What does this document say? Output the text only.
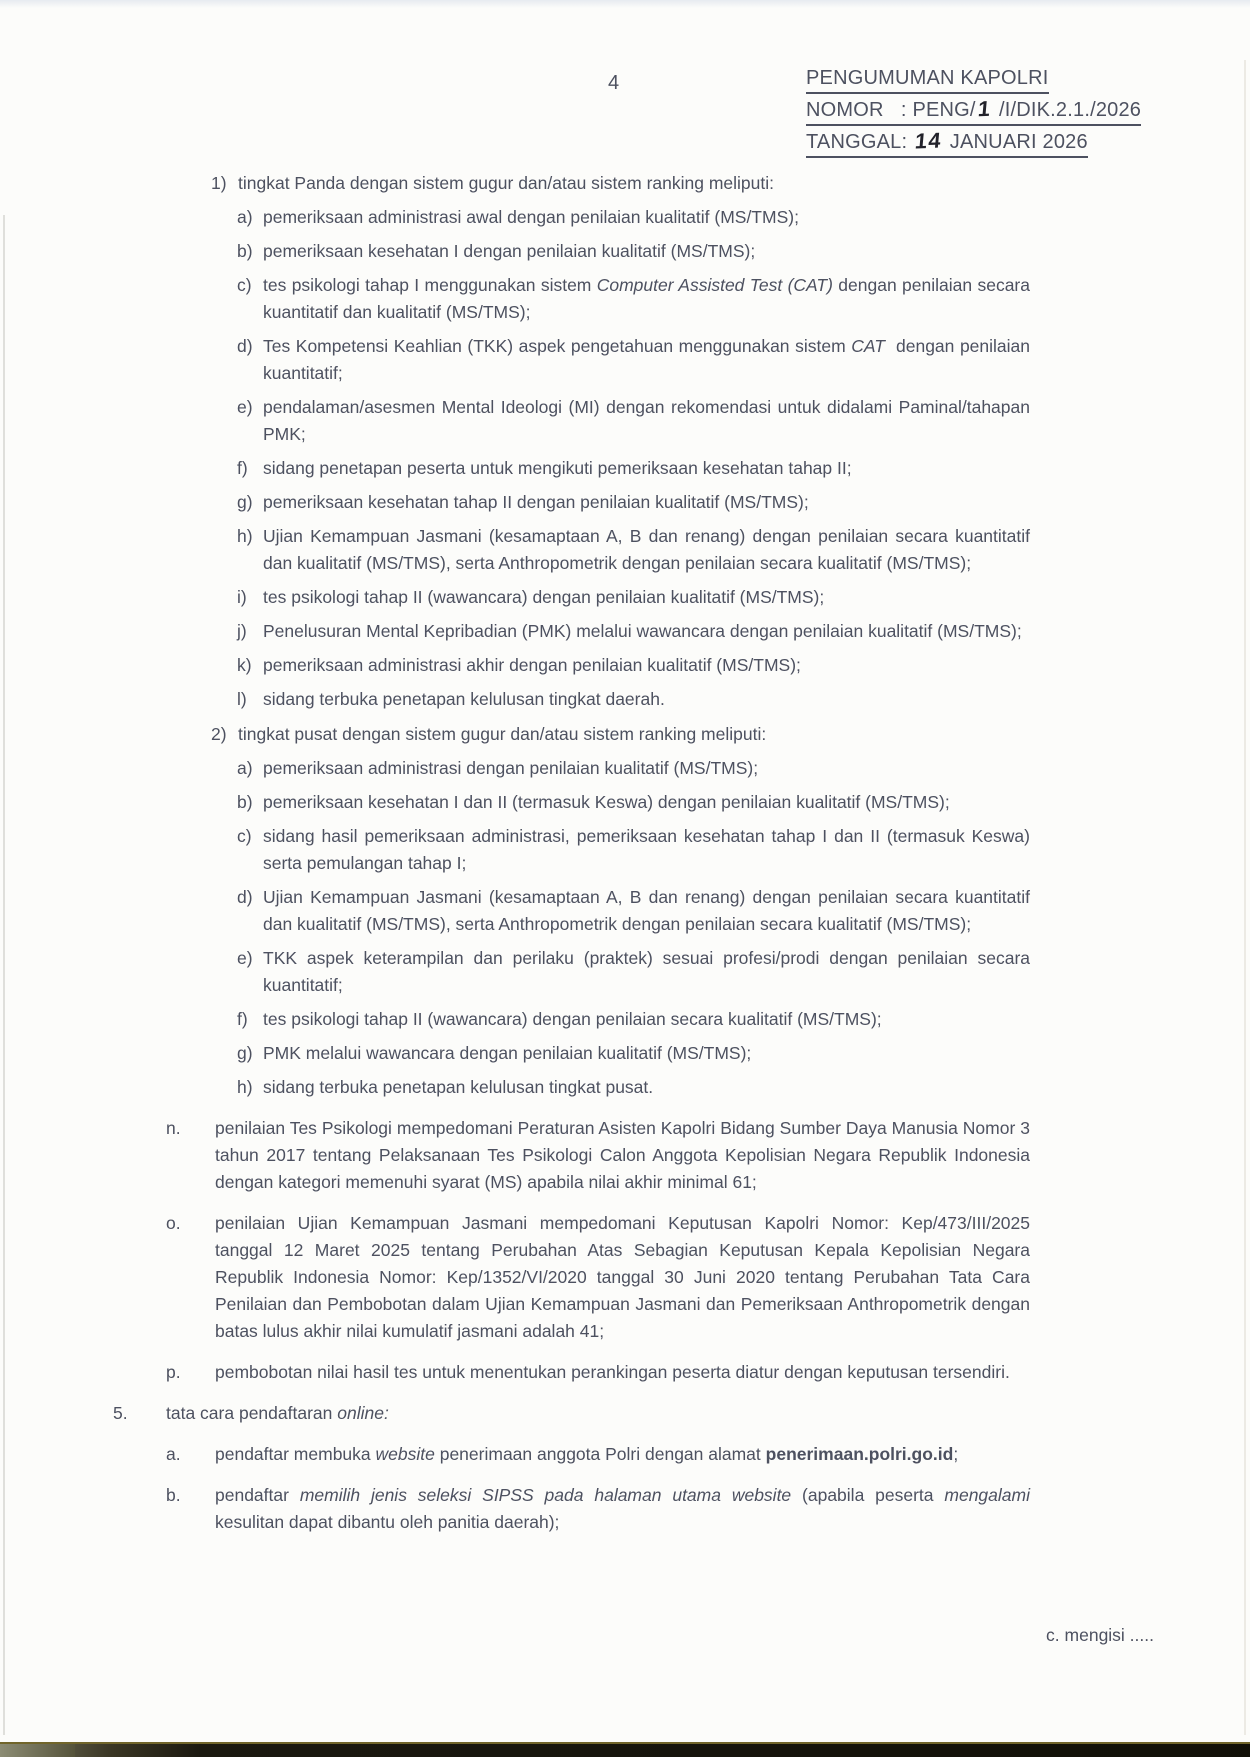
4	PENGUMUMAN KAPOLRI
NOMOR   : PENG/1 /I/DIK.2.1./2026
TANGGAL: 14 JANUARI 2026
1) tingkat Panda dengan sistem gugur dan/atau sistem ranking meliputi:
a) pemeriksaan administrasi awal dengan penilaian kualitatif (MS/TMS);
b) pemeriksaan kesehatan I dengan penilaian kualitatif (MS/TMS);
c) tes psikologi tahap I menggunakan sistem Computer Assisted Test (CAT) dengan penilaian secara kuantitatif dan kualitatif (MS/TMS);
d) Tes Kompetensi Keahlian (TKK) aspek pengetahuan menggunakan sistem CAT  dengan penilaian kuantitatif;
e) pendalaman/asesmen Mental Ideologi (MI) dengan rekomendasi untuk didalami Paminal/tahapan PMK;
f) sidang penetapan peserta untuk mengikuti pemeriksaan kesehatan tahap II;
g) pemeriksaan kesehatan tahap II dengan penilaian kualitatif (MS/TMS);
h) Ujian Kemampuan Jasmani (kesamaptaan A, B dan renang) dengan penilaian secara kuantitatif dan kualitatif (MS/TMS), serta Anthropometrik dengan penilaian secara kualitatif (MS/TMS);
i) tes psikologi tahap II (wawancara) dengan penilaian kualitatif (MS/TMS);
j) Penelusuran Mental Kepribadian (PMK) melalui wawancara dengan penilaian kualitatif (MS/TMS);
k) pemeriksaan administrasi akhir dengan penilaian kualitatif (MS/TMS);
l) sidang terbuka penetapan kelulusan tingkat daerah.
2) tingkat pusat dengan sistem gugur dan/atau sistem ranking meliputi:
a) pemeriksaan administrasi dengan penilaian kualitatif (MS/TMS);
b) pemeriksaan kesehatan I dan II (termasuk Keswa) dengan penilaian kualitatif (MS/TMS);
c) sidang hasil pemeriksaan administrasi, pemeriksaan kesehatan tahap I dan II (termasuk Keswa) serta pemulangan tahap I;
d) Ujian Kemampuan Jasmani (kesamaptaan A, B dan renang) dengan penilaian secara kuantitatif dan kualitatif (MS/TMS), serta Anthropometrik dengan penilaian secara kualitatif (MS/TMS);
e) TKK aspek keterampilan dan perilaku (praktek) sesuai profesi/prodi dengan penilaian secara kuantitatif;
f) tes psikologi tahap II (wawancara) dengan penilaian secara kualitatif (MS/TMS);
g) PMK melalui wawancara dengan penilaian kualitatif (MS/TMS);
h) sidang terbuka penetapan kelulusan tingkat pusat.
n.	penilaian Tes Psikologi mempedomani Peraturan Asisten Kapolri Bidang Sumber Daya Manusia Nomor 3 tahun 2017 tentang Pelaksanaan Tes Psikologi Calon Anggota Kepolisian Negara Republik Indonesia dengan kategori memenuhi syarat (MS) apabila nilai akhir minimal 61;
o.	penilaian Ujian Kemampuan Jasmani mempedomani Keputusan Kapolri Nomor: Kep/473/III/2025 tanggal 12 Maret 2025 tentang Perubahan Atas Sebagian Keputusan Kepala Kepolisian Negara Republik Indonesia Nomor: Kep/1352/VI/2020 tanggal 30 Juni 2020 tentang Perubahan Tata Cara Penilaian dan Pembobotan dalam Ujian Kemampuan Jasmani dan Pemeriksaan Anthropometrik dengan batas lulus akhir nilai kumulatif jasmani adalah 41;
p.	pembobotan nilai hasil tes untuk menentukan perankingan peserta diatur dengan keputusan tersendiri.
5.	tata cara pendaftaran online:
a.	pendaftar membuka website penerimaan anggota Polri dengan alamat penerimaan.polri.go.id;
b.	pendaftar memilih jenis seleksi SIPSS pada halaman utama website (apabila peserta mengalami kesulitan dapat dibantu oleh panitia daerah);
c. mengisi .....
